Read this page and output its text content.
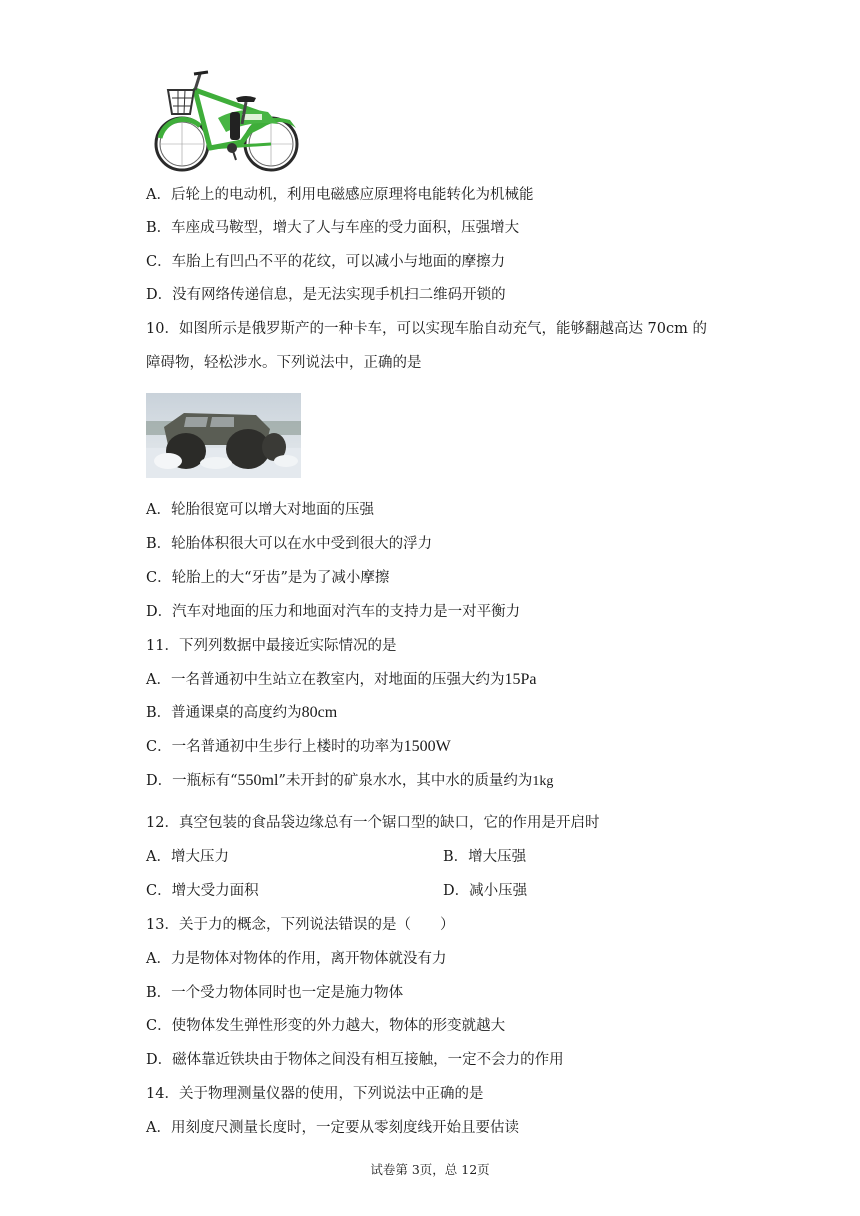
A．后轮上的电动机，利用电磁感应原理将电能转化为机械能
B．车座成马鞍型，增大了人与车座的受力面积，压强增大
C．车胎上有凹凸不平的花纹，可以减小与地面的摩擦力
D．没有网络传递信息，是无法实现手机扫二维码开锁的
10．如图所示是俄罗斯产的一种卡车，可以实现车胎自动充气，能够翻越高达 70cm 的
障碍物，轻松涉水。下列说法中，正确的是
A．轮胎很宽可以增大对地面的压强
B．轮胎体积很大可以在水中受到很大的浮力
C．轮胎上的大“牙齿”是为了减小摩擦
D．汽车对地面的压力和地面对汽车的支持力是一对平衡力
11．下列列数据中最接近实际情况的是
A．一名普通初中生站立在教室内，对地面的压强大约为15Pa
B．普通课桌的高度约为80cm
C．一名普通初中生步行上楼时的功率为1500W
D．一瓶标有“550ml”未开封的矿泉水水，其中水的质量约为1kg
12．真空包装的食品袋边缘总有一个锯口型的缺口，它的作用是开启时
A．增大压力	B．增大压强
C．增大受力面积	D．减小压强
13．关于力的概念，下列说法错误的是（　　）
A．力是物体对物体的作用，离开物体就没有力
B．一个受力物体同时也一定是施力物体
C．使物体发生弹性形变的外力越大，物体的形变就越大
D．磁体靠近铁块由于物体之间没有相互接触，一定不会力的作用
14．关于物理测量仪器的使用，下列说法中正确的是
A．用刻度尺测量长度时，一定要从零刻度线开始且要估读
试卷第 3页，总 12页
